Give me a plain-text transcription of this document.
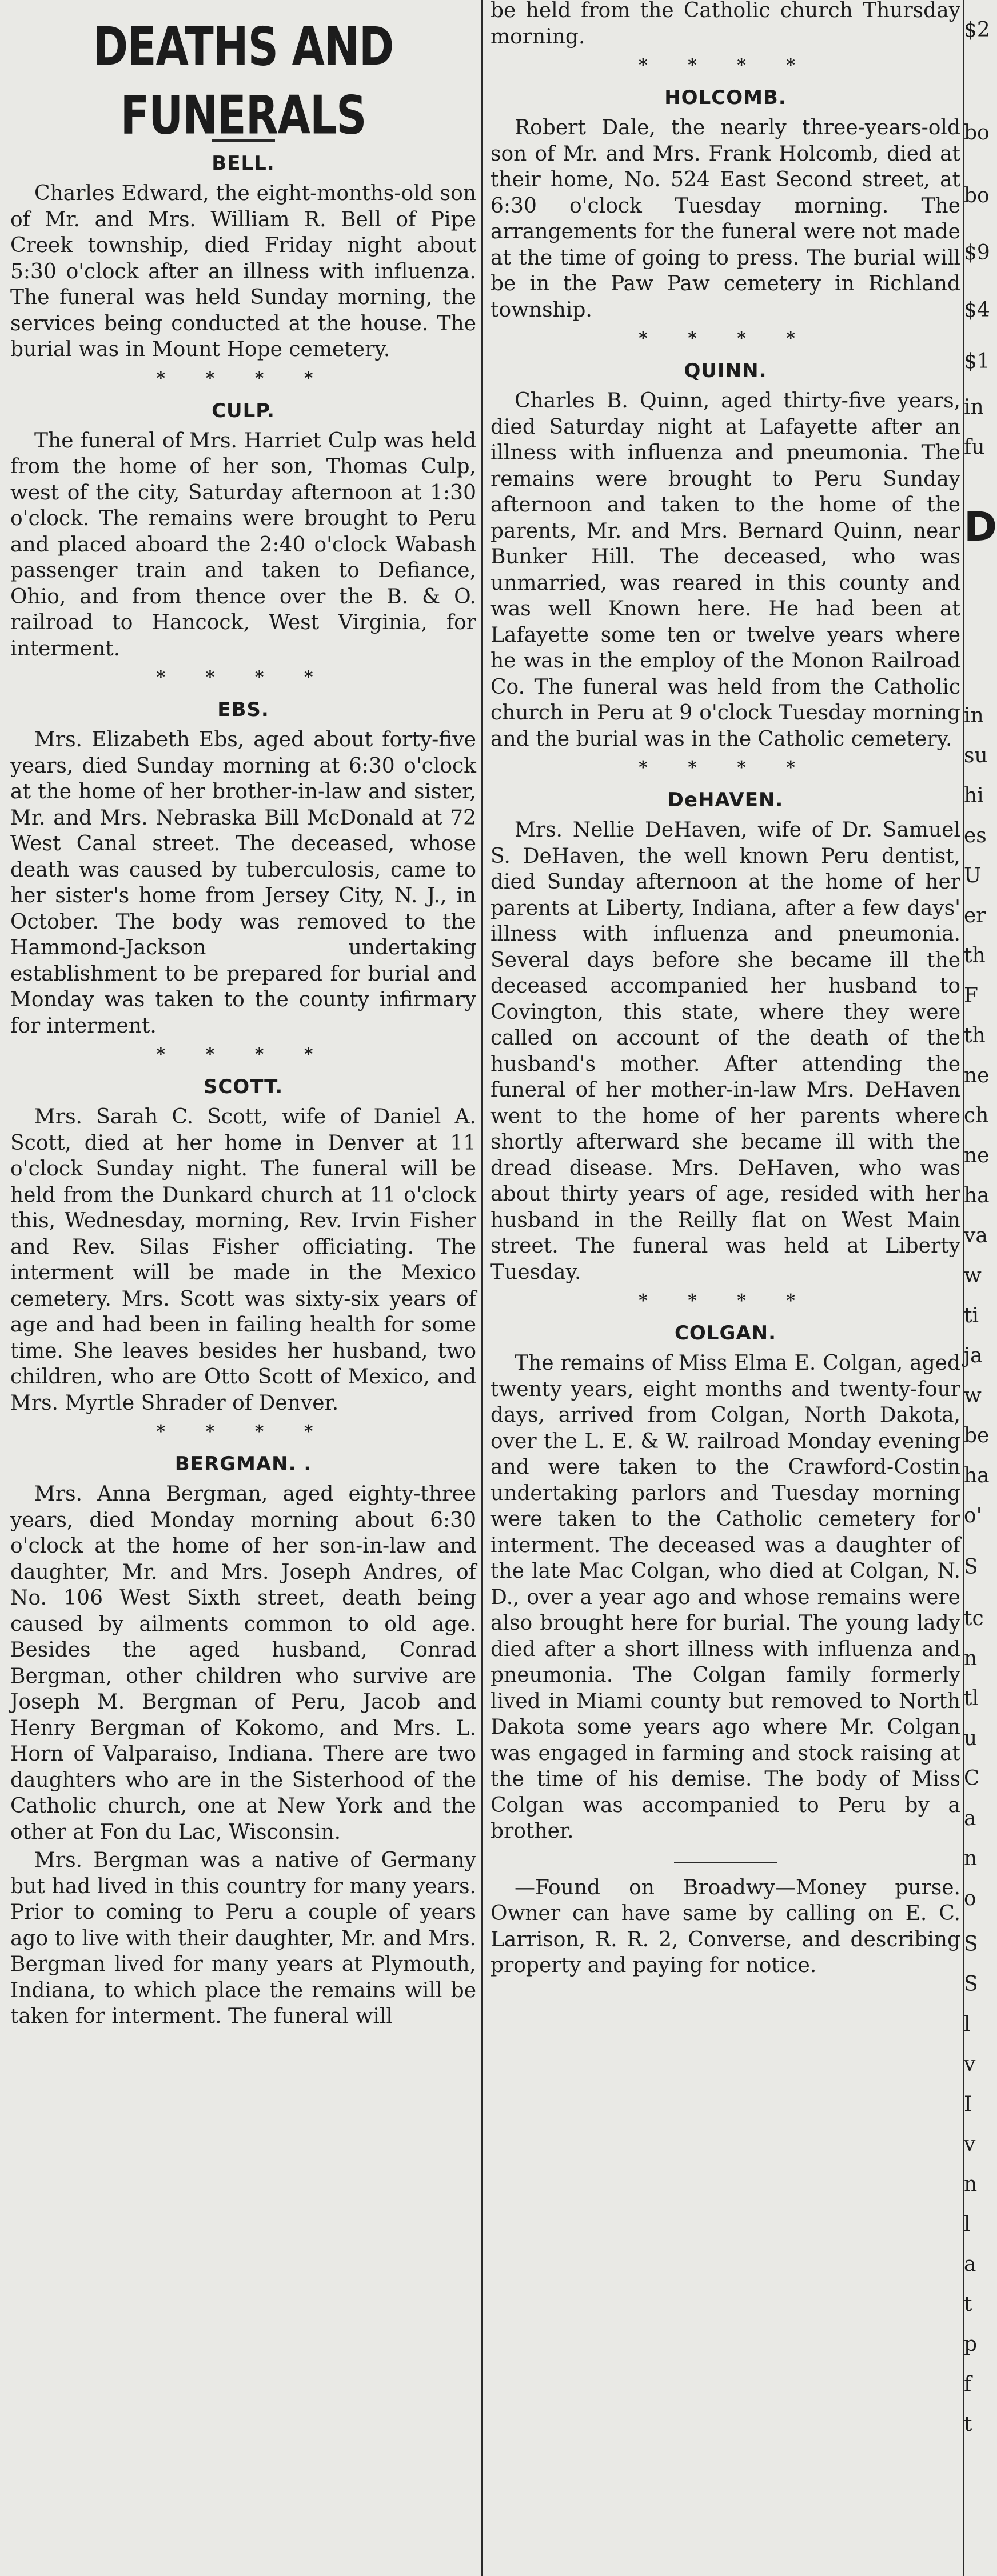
DEATHS AND FUNERALS
BELL.

Charles Edward, the eight-months-old son of Mr. and Mrs. William R. Bell of Pipe Creek township, died Friday night about 5:30 o'clock after an illness with influenza. The funeral was held Sunday morning, the services being conducted at the house. The burial was in Mount Hope cemetery.

* * * *
CULP.

The funeral of Mrs. Harriet Culp was held from the home of her son, Thomas Culp, west of the city, Saturday afternoon at 1:30 o'clock. The remains were brought to Peru and placed aboard the 2:40 o'clock Wabash passenger train and taken to Defiance, Ohio, and from thence over the B. & O. railroad to Hancock, West Virginia, for interment.

* * * *
EBS.

Mrs. Elizabeth Ebs, aged about forty-five years, died Sunday morning at 6:30 o'clock at the home of her brother-in-law and sister, Mr. and Mrs. Nebraska Bill McDonald at 72 West Canal street. The deceased, whose death was caused by tuberculosis, came to her sister's home from Jersey City, N. J., in October. The body was removed to the Hammond-Jackson undertaking establishment to be prepared for burial and Monday was taken to the county infirmary for interment.

* * * *
SCOTT.

Mrs. Sarah C. Scott, wife of Daniel A. Scott, died at her home in Denver at 11 o'clock Sunday night. The funeral will be held from the Dunkard church at 11 o'clock this, Wednesday, morning, Rev. Irvin Fisher and Rev. Silas Fisher officiating. The interment will be made in the Mexico cemetery. Mrs. Scott was sixty-six years of age and had been in failing health for some time. She leaves besides her husband, two children, who are Otto Scott of Mexico, and Mrs. Myrtle Shrader of Denver.

* * * *
BERGMAN. .

Mrs. Anna Bergman, aged eighty-three years, died Monday morning about 6:30 o'clock at the home of her son-in-law and daughter, Mr. and Mrs. Joseph Andres, of No. 106 West Sixth street, death being caused by ailments common to old age. Besides the aged husband, Conrad Bergman, other children who survive are Joseph M. Bergman of Peru, Jacob and Henry Bergman of Kokomo, and Mrs. L. Horn of Valparaiso, Indiana. There are two daughters who are in the Sisterhood of the Catholic church, one at New York and the other at Fon du Lac, Wisconsin.

Mrs. Bergman was a native of Germany but had lived in this country for many years. Prior to coming to Peru a couple of years ago to live with their daughter, Mr. and Mrs. Bergman lived for many years at Plymouth, Indiana, to which place the remains will be taken for interment. The funeral will

be held from the Catholic church Thursday morning.

* * * *
HOLCOMB.

Robert Dale, the nearly three-years-old son of Mr. and Mrs. Frank Holcomb, died at their home, No. 524 East Second street, at 6:30 o'clock Tuesday morning. The arrangements for the funeral were not made at the time of going to press. The burial will be in the Paw Paw cemetery in Richland township.

* * * *
QUINN.

Charles B. Quinn, aged thirty-five years, died Saturday night at Lafayette after an illness with influenza and pneumonia. The remains were brought to Peru Sunday afternoon and taken to the home of the parents, Mr. and Mrs. Bernard Quinn, near Bunker Hill. The deceased, who was unmarried, was reared in this county and was well Known here. He had been at Lafayette some ten or twelve years where he was in the employ of the Monon Railroad Co. The funeral was held from the Catholic church in Peru at 9 o'clock Tuesday morning and the burial was in the Catholic cemetery.

* * * *
DeHAVEN.

Mrs. Nellie DeHaven, wife of Dr. Samuel S. DeHaven, the well known Peru dentist, died Sunday afternoon at the home of her parents at Liberty, Indiana, after a few days' illness with influenza and pneumonia. Several days before she became ill the deceased accompanied her husband to Covington, this state, where they were called on account of the death of the husband's mother. After attending the funeral of her mother-in-law Mrs. DeHaven went to the home of her parents where shortly afterward she became ill with the dread disease. Mrs. DeHaven, who was about thirty years of age, resided with her husband in the Reilly flat on West Main street. The funeral was held at Liberty Tuesday.

* * * *
COLGAN.

The remains of Miss Elma E. Colgan, aged twenty years, eight months and twenty-four days, arrived from Colgan, North Dakota, over the L. E. & W. railroad Monday evening and were taken to the Crawford-Costin undertaking parlors and Tuesday morning were taken to the Catholic cemetery for interment. The deceased was a daughter of the late Mac Colgan, who died at Colgan, N. D., over a year ago and whose remains were also brought here for burial. The young lady died after a short illness with influenza and pneumonia. The Colgan family formerly lived in Miami county but removed to North Dakota some years ago where Mr. Colgan was engaged in farming and stock raising at the time of his demise. The body of Miss Colgan was accompanied to Peru by a brother.

—Found on Broadwy—Money purse. Owner can have same by calling on E. C. Larrison, R. R. 2, Converse, and describing property and paying for notice.

$2
bo
bo
$9
$4
$1
in
fu
D
in
su
hi
es
U
er
th
F
th
ne
ch
ne
ha
va
w
ti
ja
w
be
ha
o'
S
tc
n
tl
u
C
a
n
o
S
S
l
v
I
v
n
l
a
t
p
f
t
